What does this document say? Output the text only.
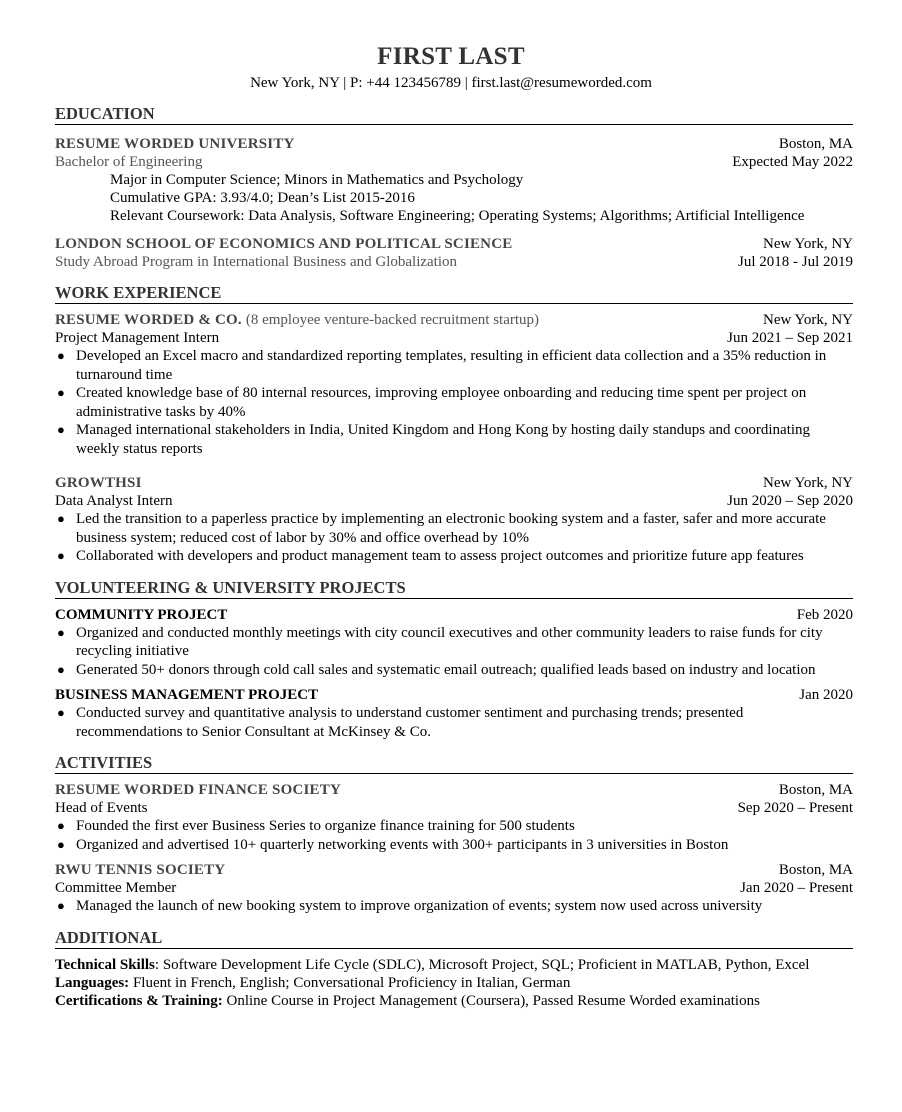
FIRST LAST
New York, NY | P: +44 123456789 | first.last@resumeworded.com
EDUCATION
RESUME WORDED UNIVERSITY	Boston, MA
Bachelor of Engineering	Expected May 2022
Major in Computer Science; Minors in Mathematics and Psychology
Cumulative GPA: 3.93/4.0; Dean’s List 2015-2016
Relevant Coursework: Data Analysis, Software Engineering; Operating Systems; Algorithms; Artificial Intelligence
LONDON SCHOOL OF ECONOMICS AND POLITICAL SCIENCE	New York, NY
Study Abroad Program in International Business and Globalization	Jul 2018 - Jul 2019
WORK EXPERIENCE
RESUME WORDED & CO. (8 employee venture-backed recruitment startup)	New York, NY
Project Management Intern	Jun 2021 – Sep 2021
● Developed an Excel macro and standardized reporting templates, resulting in efficient data collection and a 35% reduction in turnaround time
● Created knowledge base of 80 internal resources, improving employee onboarding and reducing time spent per project on administrative tasks by 40%
● Managed international stakeholders in India, United Kingdom and Hong Kong by hosting daily standups and coordinating weekly status reports
GROWTHSI	New York, NY
Data Analyst Intern	Jun 2020 – Sep 2020
● Led the transition to a paperless practice by implementing an electronic booking system and a faster, safer and more accurate business system; reduced cost of labor by 30% and office overhead by 10%
● Collaborated with developers and product management team to assess project outcomes and prioritize future app features
VOLUNTEERING & UNIVERSITY PROJECTS
COMMUNITY PROJECT	Feb 2020
● Organized and conducted monthly meetings with city council executives and other community leaders to raise funds for city recycling initiative
● Generated 50+ donors through cold call sales and systematic email outreach; qualified leads based on industry and location
BUSINESS MANAGEMENT PROJECT	Jan 2020
● Conducted survey and quantitative analysis to understand customer sentiment and purchasing trends; presented recommendations to Senior Consultant at McKinsey & Co.
ACTIVITIES
RESUME WORDED FINANCE SOCIETY	Boston, MA
Head of Events	Sep 2020 – Present
● Founded the first ever Business Series to organize finance training for 500 students
● Organized and advertised 10+ quarterly networking events with 300+ participants in 3 universities in Boston
RWU TENNIS SOCIETY	Boston, MA
Committee Member	Jan 2020 – Present
● Managed the launch of new booking system to improve organization of events; system now used across university
ADDITIONAL
Technical Skills: Software Development Life Cycle (SDLC), Microsoft Project, SQL; Proficient in MATLAB, Python, Excel
Languages: Fluent in French, English; Conversational Proficiency in Italian, German
Certifications & Training: Online Course in Project Management (Coursera), Passed Resume Worded examinations
